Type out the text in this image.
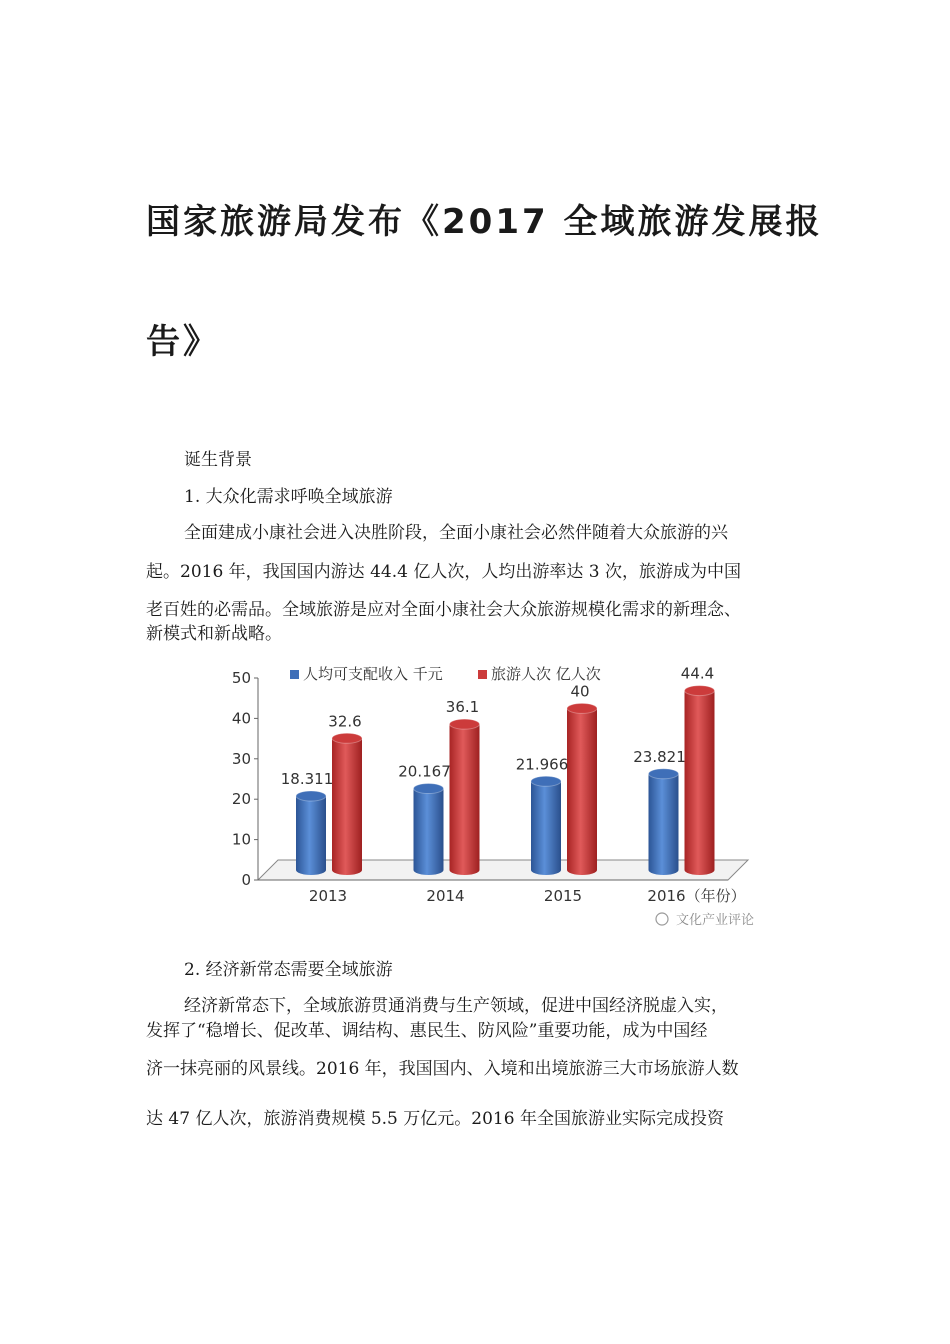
国家旅游局发布《2017 全域旅游发展报
告》

诞生背景

1. 大众化需求呼唤全域旅游

全面建成小康社会进入决胜阶段，全面小康社会必然伴随着大众旅游的兴

起。2016 年，我国国内游达 44.4 亿人次，人均出游率达 3 次，旅游成为中国

老百姓的必需品。全域旅游是应对全面小康社会大众旅游规模化需求的新理念、

新模式和新战略。

0
10
20
30
40
50
18.311
32.6
2013
20.167
36.1
2014
21.966
40
2015
23.821
44.4
2016（年份）
文化产业评论
人均可支配收入 千元	旅游人次 亿人次

2. 经济新常态需要全域旅游

经济新常态下，全域旅游贯通消费与生产领域，促进中国经济脱虚入实，

发挥了“稳增长、促改革、调结构、惠民生、防风险”重要功能，成为中国经

济一抹亮丽的风景线。2016 年，我国国内、入境和出境旅游三大市场旅游人数

达 47 亿人次，旅游消费规模 5.5 万亿元。2016 年全国旅游业实际完成投资
